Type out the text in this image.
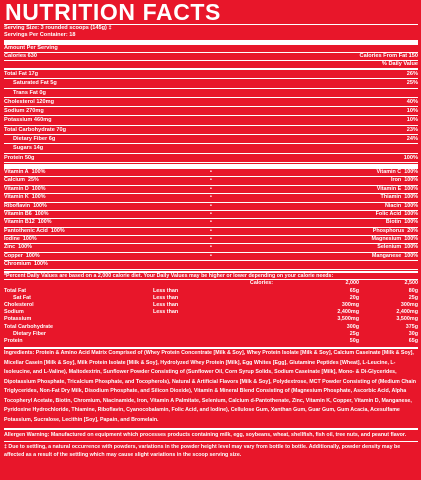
NUTRITION FACTS
Serving Size: 3 rounded scoops (145g) ‡
Servings Per Container: 18
Amount Per Serving
Calories 630	Calories From Fat 150
% Daily Value
Total Fat 17g	26%
Saturated Fat 5g	25%
Trans Fat 0g
Cholesterol 120mg	40%
Sodium 270mg	10%
Potassium 460mg	10%
Total Carbohydrate 70g	23%
Dietary Fiber 6g	24%
Sugars 14g
Protein 50g	100%
Vitamin A 100%	•	Vitamin C 100%
Calcium 25%	•	Iron 100%
Vitamin D 100%	•	Vitamin E 100%
Vitamin K 100%	•	Thiamin 100%
Riboflavin 100%	•	Niacin 100%
Vitamin B6 100%	•	Folic Acid 100%
Vitamin B12 100%	•	Biotin 100%
Pantothenic Acid 100%	•	Phosphorus 20%
Iodine 100%	•	Magnesium 100%
Zinc 100%	•	Selenium 100%
Copper 100%	•	Manganese 100%
Chromium 100%
*Percent Daily Values are based on a 2,000 calorie diet. Your Daily Values may be higher or lower depending on your calorie needs:
	Calories:	2,000	2,500
Total Fat	Less than	65g	80g
Sat Fat	Less than	20g	25g
Cholesterol	Less than	300mg	300mg
Sodium	Less than	2,400mg	2,400mg
Potassium		3,500mg	3,500mg
Total Carbohydrate		300g	375g
Dietary Fiber		25g	30g
Protein		50g	65g
Ingredients: Protein & Amino Acid Matrix Comprised of (Whey Protein Concentrate [Milk & Soy], Whey Protein Isolate [Milk & Soy], Calcium Caseinate [Milk & Soy], Micellar Casein [Milk & Soy], Milk Protein Isolate [Milk & Soy], Hydrolyzed Whey Protein [Milk], Egg Whites [Egg], Glutamine Peptides [Wheat], L-Leucine, L-Isoleucine, and L-Valine), Maltodextrin, Sunflower Powder Consisting of (Sunflower Oil, Corn Syrup Solids, Sodium Caseinate [Milk], Mono- & Di-Glycerides, Dipotassium Phosphate, Tricalcium Phosphate, and Tocopherols), Natural & Artificial Flavors [Milk & Soy], Polydextrose, MCT Powder Consisting of (Medium Chain Triglycerides, Non-Fat Dry Milk, Disodium Phosphate, and Silicon Dioxide), Vitamin & Mineral Blend Consisting of (Magnesium Phosphate, Ascorbic Acid, Alpha Tocopheryl Acetate, Biotin, Chromium, Niacinamide, Iron, Vitamin A Palmitate, Selenium, Calcium d-Pantothenate, Zinc, Vitamin K, Copper, Vitamin D, Manganese, Pyridoxine Hydrochloride, Thiamine, Riboflavin, Cyanocobalamin, Folic Acid, and Iodine), Cellulose Gum, Xanthan Gum, Guar Gum, Gum Acacia, Acesulfame Potassium, Sucralose, Lecithin [Soy], Papain, and Bromelain.
Allergen Warning: Manufactured on equipment which processes products containing milk, egg, soybeans, wheat, shellfish, fish oil, tree nuts, and peanut flavor.
‡ Due to settling, a natural occurrence with powders, variations in the powder height level may vary from bottle to bottle. Additionally, powder density may be affected as a result of the settling which may cause slight variations in the scoop serving size.
